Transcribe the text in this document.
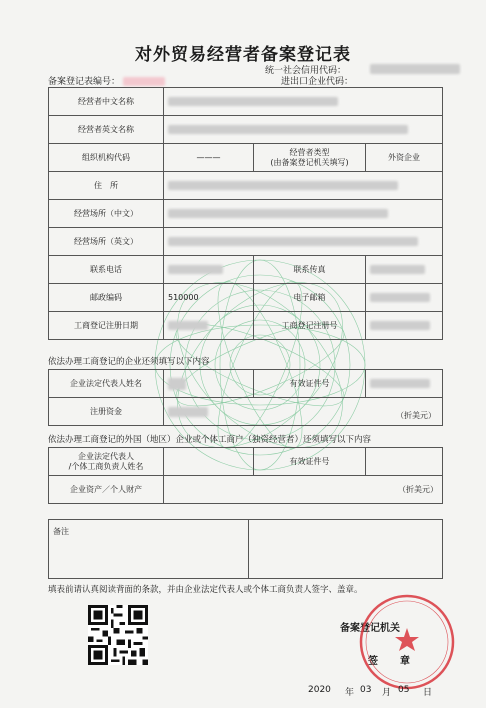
对外贸易经营者备案登记表
备案登记表编号：
统一社会信用代码：
进出口企业代码：
经营者中文名称			
经营者英文名称			
组织机构代码	———	经营者类型
(由备案登记机关填写)	外资企业
住　所			
经营场所（中文）			
经营场所（英文）			
联系电话		联系传真	
邮政编码	510000	电子邮箱	
工商登记注册日期		工商登记注册号	
依法办理工商登记的企业还须填写以下内容
企业法定代表人姓名		有效证件号	
注册资金	（折美元）		
依法办理工商登记的外国（地区）企业或个体工商户（独资经营者）还须填写以下内容
企业法定代表人
/个体工商负责人姓名		有效证件号	
企业资产／个人财产	（折美元）		
备注	
填表前请认真阅读背面的条款，并由企业法定代表人或个体工商负责人签字、盖章。
备案登记机关
签　章
2020 年 03 月 05 日
